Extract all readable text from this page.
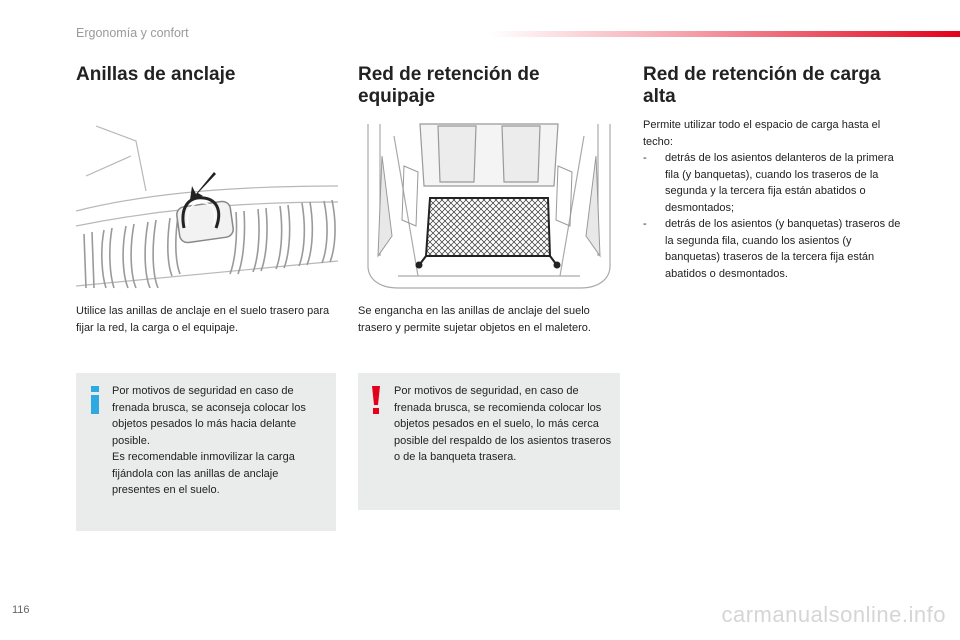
Ergonomía y confort
Anillas de anclaje	Red de retención de equipaje
Red de retención de carga alta
Utilice las anillas de anclaje en el suelo trasero para fijar la red, la carga o el equipaje.
Se engancha en las anillas de anclaje del suelo trasero y permite sujetar objetos en el maletero.
Permite utilizar todo el espacio de carga hasta el techo:
- detrás de los asientos delanteros de la primera fila (y banquetas), cuando los traseros de la segunda y la tercera fija están abatidos o desmontados;
- detrás de los asientos (y banquetas) traseros de la segunda fila, cuando los asientos (y banquetas) traseros de la tercera fija están abatidos o desmontados.
Por motivos de seguridad en caso de frenada brusca, se aconseja colocar los objetos pesados lo más hacia delante posible.
Es recomendable inmovilizar la carga fijándola con las anillas de anclaje presentes en el suelo.
Por motivos de seguridad, en caso de frenada brusca, se recomienda colocar los objetos pesados en el suelo, lo más cerca posible del respaldo de los asientos traseros o de la banqueta trasera.
116	carmanualsonline.info
